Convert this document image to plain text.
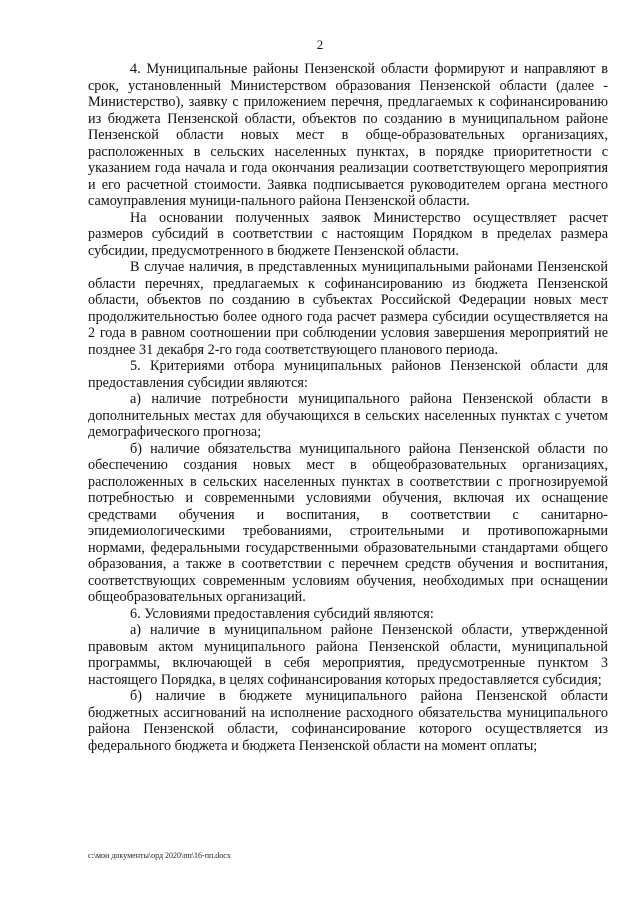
2

4. Муниципальные районы Пензенской области формируют и направляют в срок, установленный Министерством образования Пензенской области (далее - Министерство), заявку с приложением перечня, предлагаемых к софинансированию из бюджета Пензенской области, объектов по созданию в муниципальном районе Пензенской области новых мест в обще-образовательных организациях, расположенных в сельских населенных пунктах, в порядке приоритетности с указанием года начала и года окончания реализации соответствующего мероприятия и его расчетной стоимости. Заявка подписывается руководителем органа местного самоуправления муници-пального района Пензенской области.

На основании полученных заявок Министерство осуществляет расчет размеров субсидий в соответствии с настоящим Порядком в пределах размера субсидии, предусмотренного в бюджете Пензенской области.

В случае наличия, в представленных муниципальными районами Пензенской области перечнях, предлагаемых к софинансированию из бюджета Пензенской области, объектов по созданию в субъектах Российской Федерации новых мест продолжительностью более одного года расчет размера субсидии осуществляется на 2 года в равном соотношении при соблюдении условия завершения мероприятий не позднее 31 декабря 2-го года соответствующего планового периода.

5. Критериями отбора муниципальных районов Пензенской области для предоставления субсидии являются:

а) наличие потребности муниципального района Пензенской области в дополнительных местах для обучающихся в сельских населенных пунктах с учетом демографического прогноза;

б) наличие обязательства муниципального района Пензенской области по обеспечению создания новых мест в общеобразовательных организациях, расположенных в сельских населенных пунктах в соответствии с прогнозируемой потребностью и современными условиями обучения, включая их оснащение средствами обучения и воспитания, в соответствии с санитарно-эпидемиологическими требованиями, строительными и противопожарными нормами, федеральными государственными образовательными стандартами общего образования, а также в соответствии с перечнем средств обучения и воспитания, соответствующих современным условиям обучения, необходимых при оснащении общеобразовательных организаций.

6. Условиями предоставления субсидий являются:

а) наличие в муниципальном районе Пензенской области, утвержденной правовым актом муниципального района Пензенской области, муниципальной программы, включающей в себя мероприятия, предусмотренные пунктом 3 настоящего Порядка, в целях софинансирования которых предоставляется субсидия;

б) наличие в бюджете муниципального района Пензенской области бюджетных ассигнований на исполнение расходного обязательства муниципального района Пензенской области, софинансирование которого осуществляется из федерального бюджета и бюджета Пензенской области на момент оплаты;

c:\мои документы\орд 2020\пп\16-пп.docx
